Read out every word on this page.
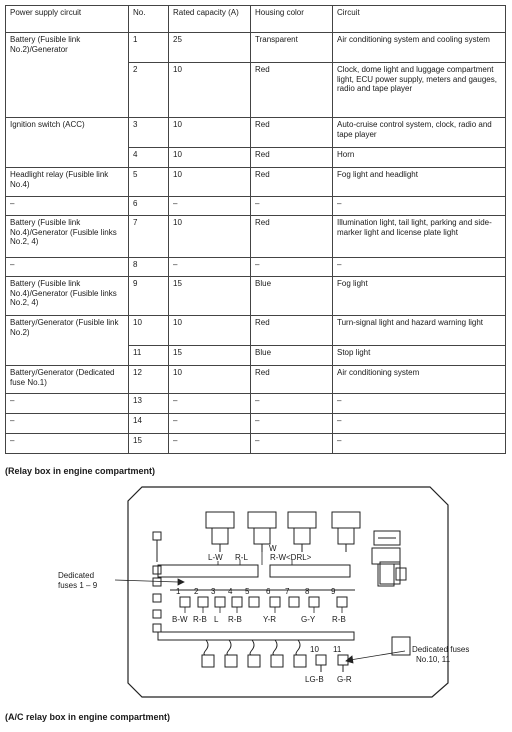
Power supply circuit	No.	Rated capacity (A)	Housing color	Circuit
Battery (Fusible link No.2)/Generator	1	25	Transparent	Air conditioning system and cooling system
	2	10	Red	Clock, dome light and luggage compartment light, ECU power supply, meters and gauges, radio and tape player
Ignition switch (ACC)	3	10	Red	Auto-cruise control system, clock, radio and tape player
	4	10	Red	Horn
Headlight relay (Fusible link No.4)	5	10	Red	Fog light and headlight
–	6	–	–	–
Battery (Fusible link No.4)/Generator (Fusible links No.2, 4)	7	10	Red	Illumination light, tail light, parking and side-marker light and license plate light
–	8	–	–	–
Battery (Fusible link No.4)/Generator (Fusible links No.2, 4)	9	15	Blue	Fog light
Battery/Generator (Fusible link No.2)	10	10	Red	Turn-signal light and hazard warning light
	11	15	Blue	Stop light
Battery/Generator (Dedicated fuse No.1)	12	10	Red	Air conditioning system
–	13	–	–	–
–	14	–	–	–
–	15	–	–	–
(Relay box in engine compartment)
Dedicated
fuses 1 – 9
Dedicated fuses
No.10, 11
L-W R-L
W
R-W<DRL>
1 2 3 4 5 6 7 8	9
B-W R-B L R-B	Y-R	G-Y R-B
10 11
LG-B G-R
(A/C relay box in engine compartment)
